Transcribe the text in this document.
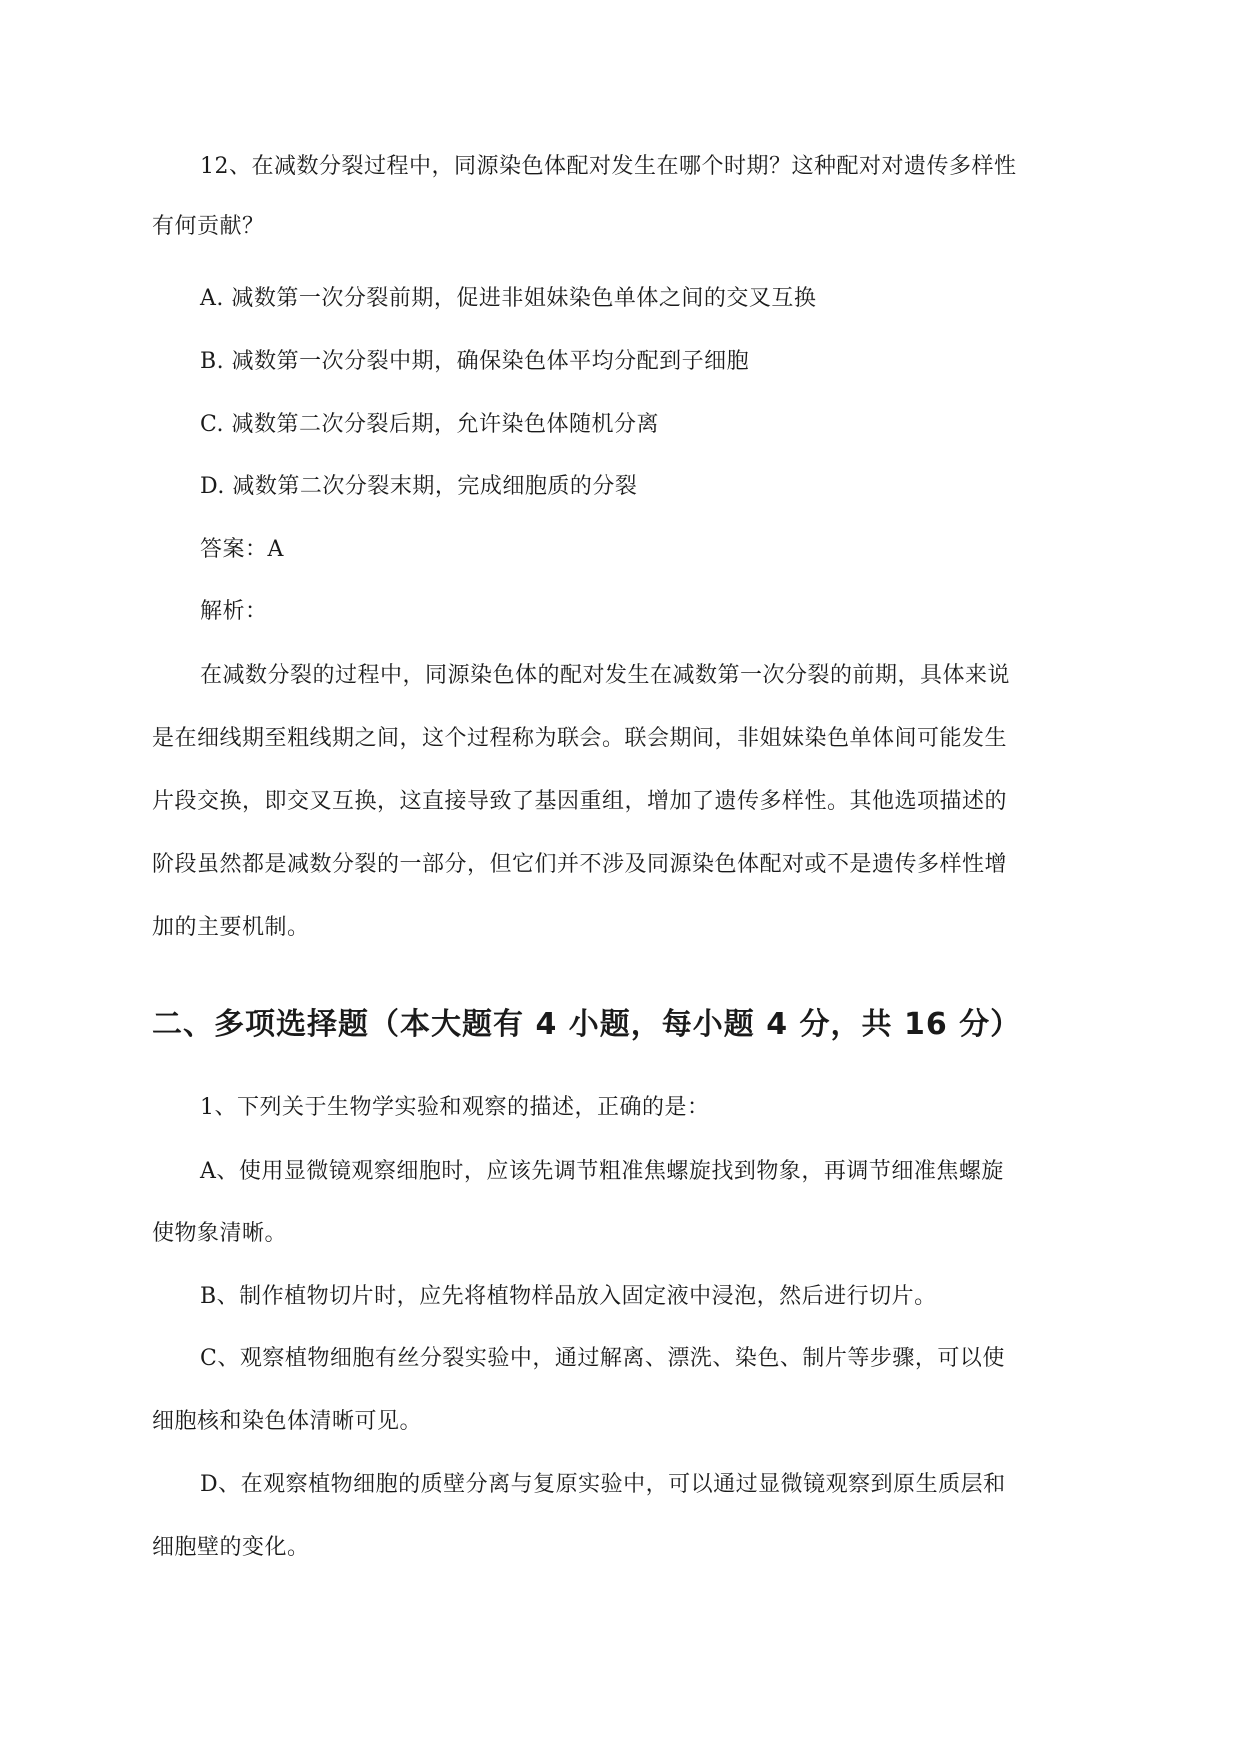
12、在减数分裂过程中，同源染色体配对发生在哪个时期？这种配对对遗传多样性
有何贡献？
A. 减数第一次分裂前期，促进非姐妹染色单体之间的交叉互换
B. 减数第一次分裂中期，确保染色体平均分配到子细胞
C. 减数第二次分裂后期，允许染色体随机分离
D. 减数第二次分裂末期，完成细胞质的分裂
答案：A
解析：
在减数分裂的过程中，同源染色体的配对发生在减数第一次分裂的前期，具体来说
是在细线期至粗线期之间，这个过程称为联会。联会期间，非姐妹染色单体间可能发生
片段交换，即交叉互换，这直接导致了基因重组，增加了遗传多样性。其他选项描述的
阶段虽然都是减数分裂的一部分，但它们并不涉及同源染色体配对或不是遗传多样性增
加的主要机制。
二、多项选择题（本大题有 4 小题，每小题 4 分，共 16 分）
1、下列关于生物学实验和观察的描述，正确的是：
A、使用显微镜观察细胞时，应该先调节粗准焦螺旋找到物象，再调节细准焦螺旋
使物象清晰。
B、制作植物切片时，应先将植物样品放入固定液中浸泡，然后进行切片。
C、观察植物细胞有丝分裂实验中，通过解离、漂洗、染色、制片等步骤，可以使
细胞核和染色体清晰可见。
D、在观察植物细胞的质壁分离与复原实验中，可以通过显微镜观察到原生质层和
细胞壁的变化。
